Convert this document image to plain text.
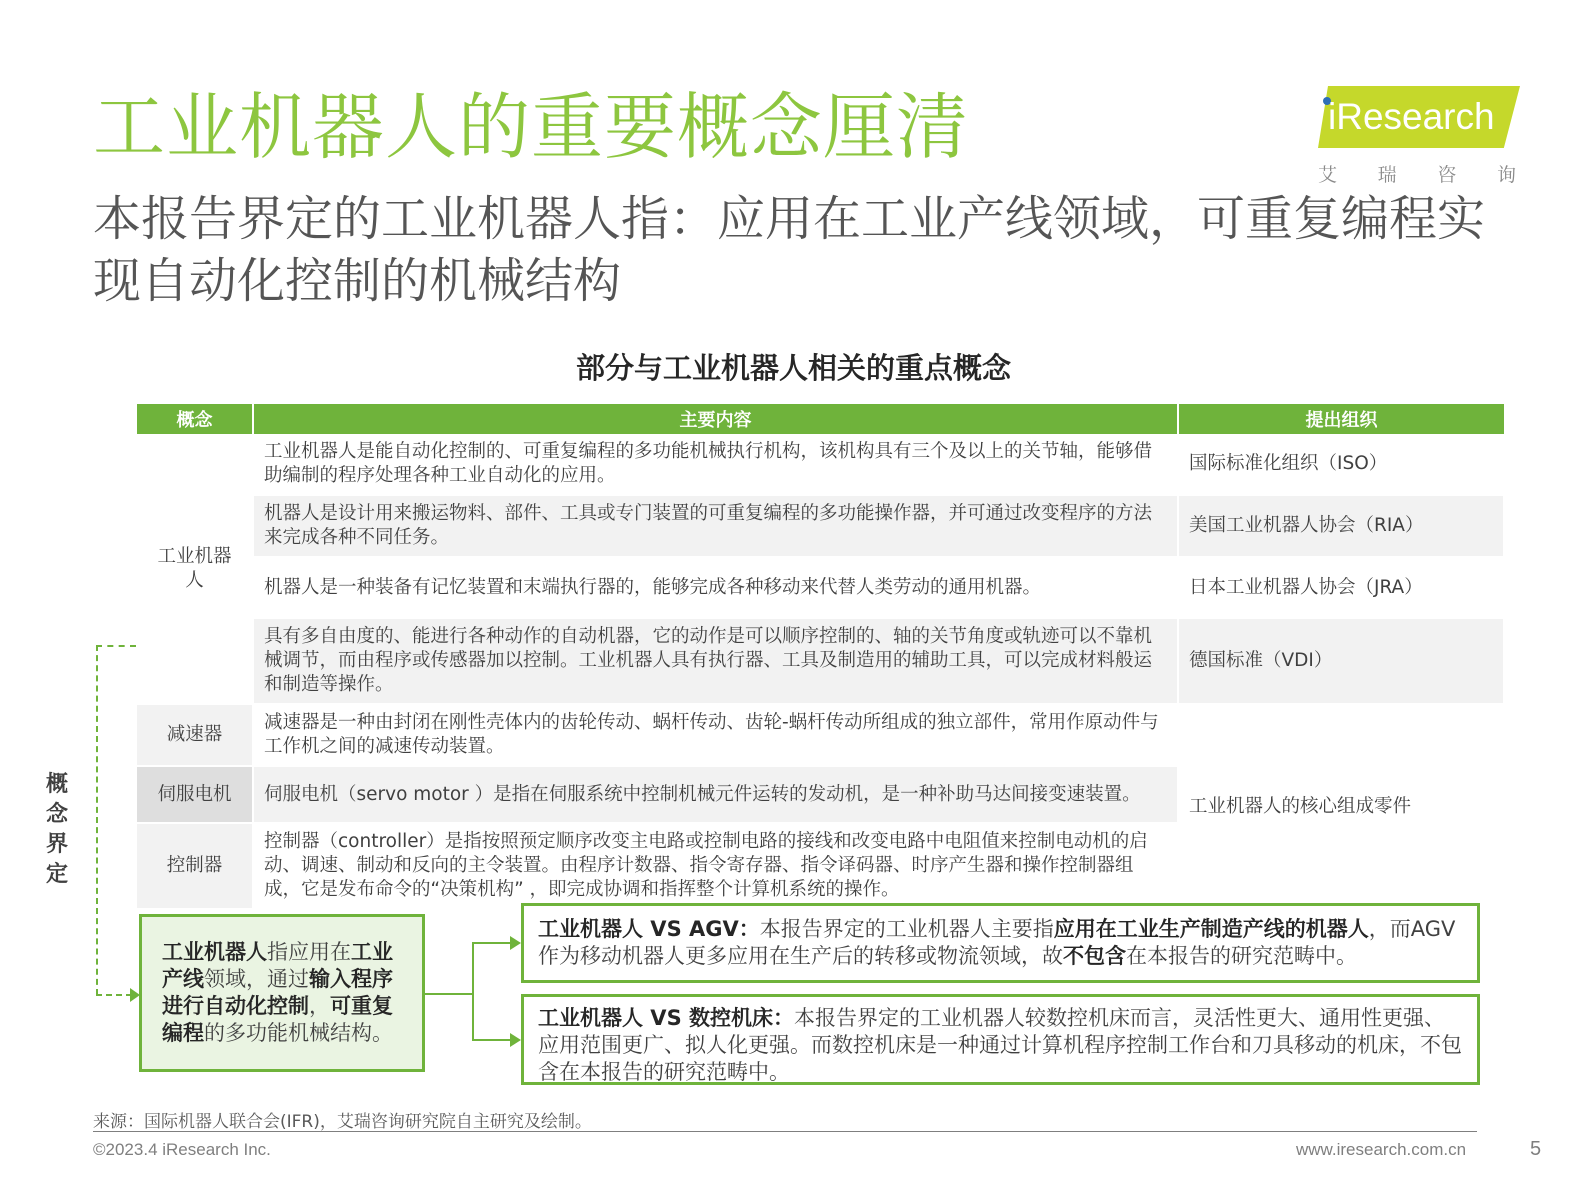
工业机器人的重要概念厘清	iResearch
艾 瑞 咨 询
本报告界定的工业机器人指：应用在工业产线领域，可重复编程实现自动化控制的机械结构
部分与工业机器人相关的重点概念
概念	主要内容	提出组织
工业机器人	工业机器人是能自动化控制的、可重复编程的多功能机械执行机构，该机构具有三个及以上的关节轴，能够借助编制的程序处理各种工业自动化的应用。	国际标准化组织（ISO）
	机器人是设计用来搬运物料、部件、工具或专门装置的可重复编程的多功能操作器，并可通过改变程序的方法来完成各种不同任务。	美国工业机器人协会（RIA）
	机器人是一种装备有记忆装置和末端执行器的，能够完成各种移动来代替人类劳动的通用机器。	日本工业机器人协会（JRA）
	具有多自由度的、能进行各种动作的自动机器，它的动作是可以顺序控制的、轴的关节角度或轨迹可以不靠机械调节，而由程序或传感器加以控制。工业机器人具有执行器、工具及制造用的辅助工具，可以完成材料般运和制造等操作。	德国标准（VDI）
减速器	减速器是一种由封闭在刚性壳体内的齿轮传动、蜗杆传动、齿轮-蜗杆传动所组成的独立部件，常用作原动件与工作机之间的减速传动装置。	工业机器人的核心组成零件
伺服电机	伺服电机（servo motor ）是指在伺服系统中控制机械元件运转的发动机，是一种补助马达间接变速装置。	
控制器	控制器（controller）是指按照预定顺序改变主电路或控制电路的接线和改变电路中电阻值来控制电动机的启动、调速、制动和反向的主令装置。由程序计数器、指令寄存器、指令译码器、时序产生器和操作控制器组成，它是发布命令的“决策机构” ，即完成协调和指挥整个计算机系统的操作。	
概念界定
工业机器人指应用在工业产线领域，通过输入程序进行自动化控制，可重复编程的多功能机械结构。
工业机器人 VS AGV：本报告界定的工业机器人主要指应用在工业生产制造产线的机器人，而AGV作为移动机器人更多应用在生产后的转移或物流领域，故不包含在本报告的研究范畴中。
工业机器人 VS 数控机床：本报告界定的工业机器人较数控机床而言，灵活性更大、通用性更强、应用范围更广、拟人化更强。而数控机床是一种通过计算机程序控制工作台和刀具移动的机床，不包含在本报告的研究范畴中。
来源：国际机器人联合会(IFR)，艾瑞咨询研究院自主研究及绘制。
©2023.4 iResearch Inc.	www.iresearch.com.cn	5
